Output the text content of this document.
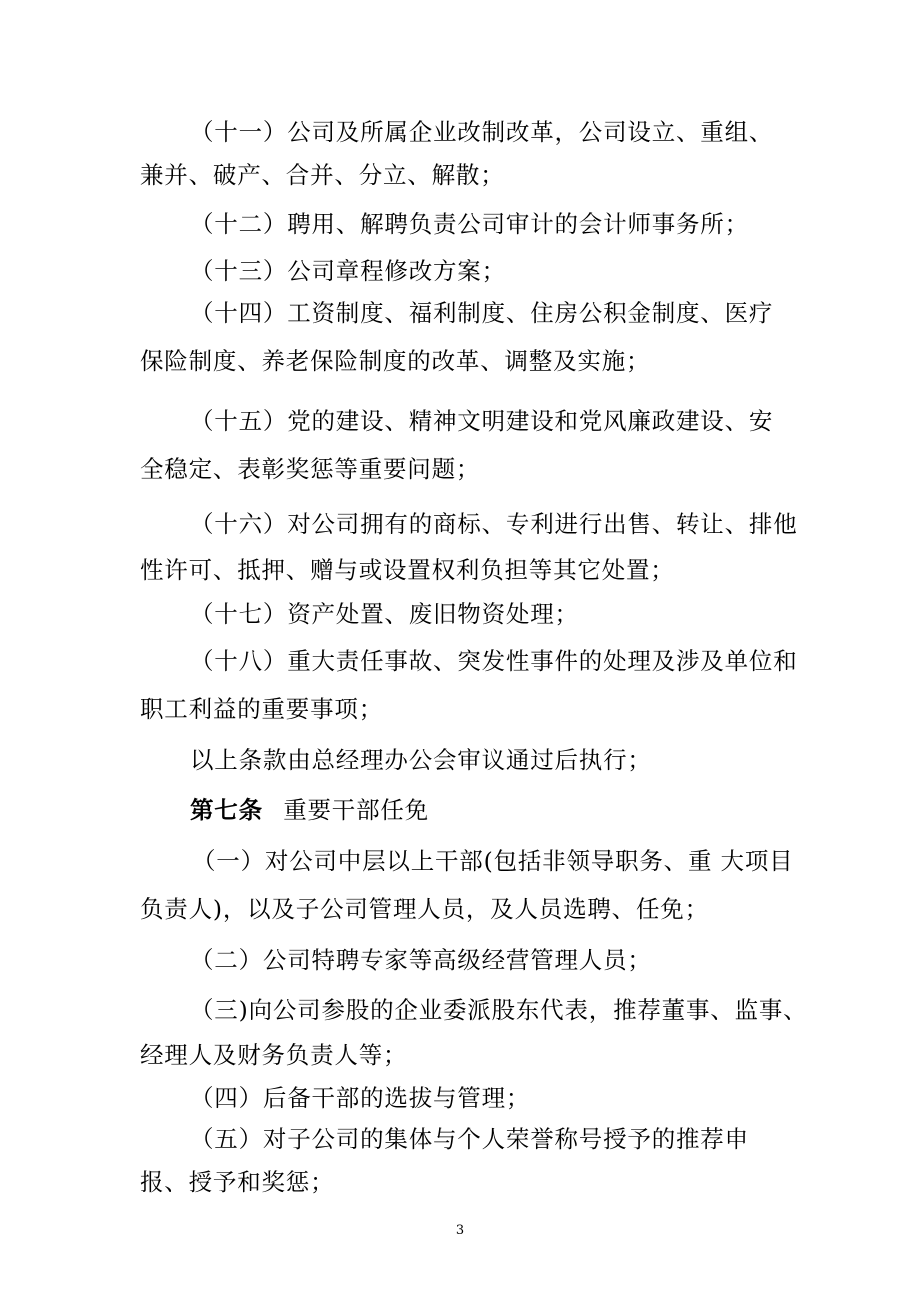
（十一）公司及所属企业改制改革，公司设立、重组、
兼并、破产、合并、分立、解散；
（十二）聘用、解聘负责公司审计的会计师事务所；
（十三）公司章程修改方案；
（十四）工资制度、福利制度、住房公积金制度、医疗
保险制度、养老保险制度的改革、调整及实施；
（十五）党的建设、精神文明建设和党风廉政建设、安
全稳定、表彰奖惩等重要问题；
（十六）对公司拥有的商标、专利进行出售、转让、排他
性许可、抵押、赠与或设置权利负担等其它处置；
（十七）资产处置、废旧物资处理；
（十八）重大责任事故、突发性事件的处理及涉及单位和
职工利益的重要事项；
以上条款由总经理办公会审议通过后执行；
第七条 重要干部任免
（一）对公司中层以上干部(包括非领导职务、重 大项目
负责人)，以及子公司管理人员，及人员选聘、任免；
（二）公司特聘专家等高级经营管理人员；
（三)向公司参股的企业委派股东代表，推荐董事、监事、
经理人及财务负责人等；
（四）后备干部的选拔与管理；
（五）对子公司的集体与个人荣誉称号授予的推荐申
报、授予和奖惩；
3
